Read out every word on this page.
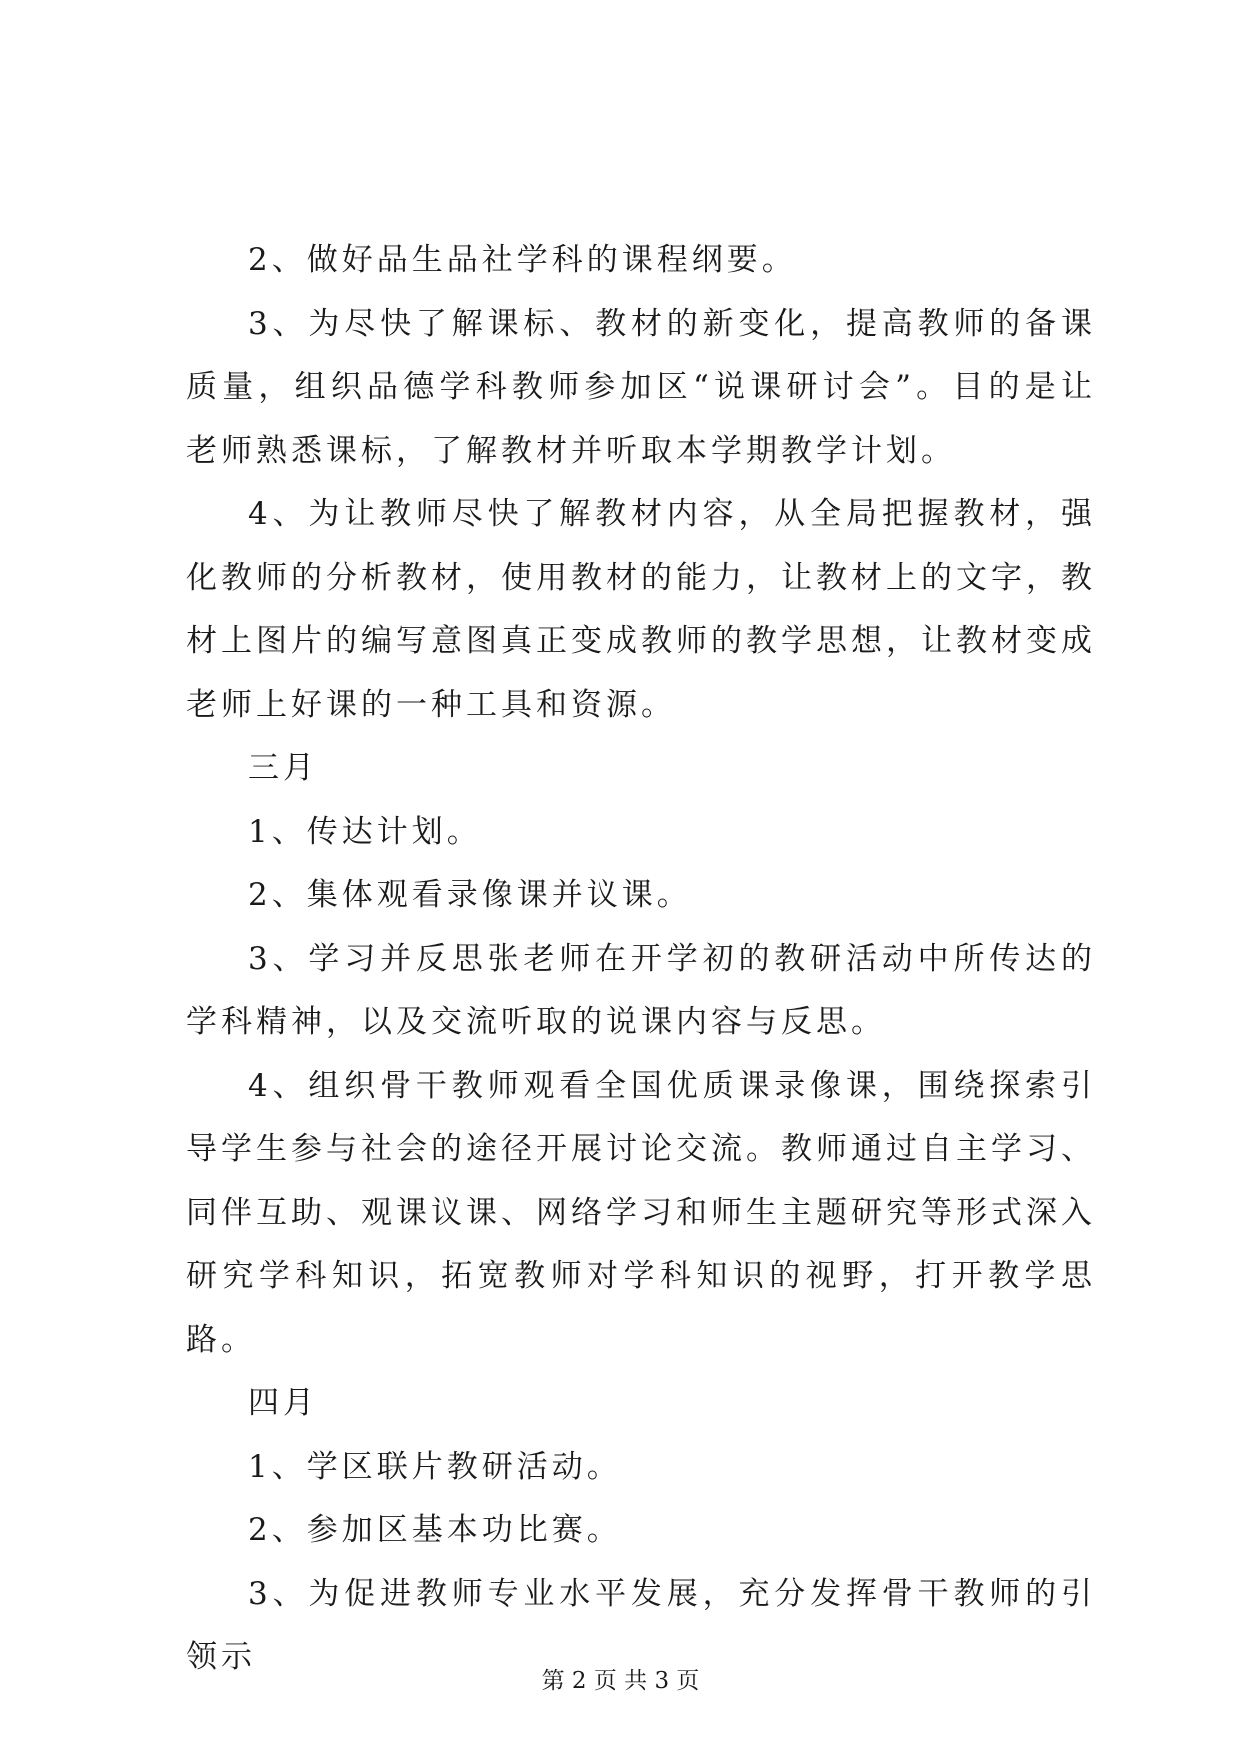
2、做好品生品社学科的课程纲要。

3、为尽快了解课标、教材的新变化，提高教师的备课质量，组织品德学科教师参加区“说课研讨会”。目的是让老师熟悉课标，了解教材并听取本学期教学计划。

4、为让教师尽快了解教材内容，从全局把握教材，强化教师的分析教材，使用教材的能力，让教材上的文字，教材上图片的编写意图真正变成教师的教学思想，让教材变成老师上好课的一种工具和资源。

三月

1、传达计划。

2、集体观看录像课并议课。

3、学习并反思张老师在开学初的教研活动中所传达的学科精神，以及交流听取的说课内容与反思。

4、组织骨干教师观看全国优质课录像课，围绕探索引导学生参与社会的途径开展讨论交流。教师通过自主学习、同伴互助、观课议课、网络学习和师生主题研究等形式深入研究学科知识，拓宽教师对学科知识的视野，打开教学思路。

四月

1、学区联片教研活动。

2、参加区基本功比赛。

3、为促进教师专业水平发展，充分发挥骨干教师的引领示

第 2 页 共 3 页
